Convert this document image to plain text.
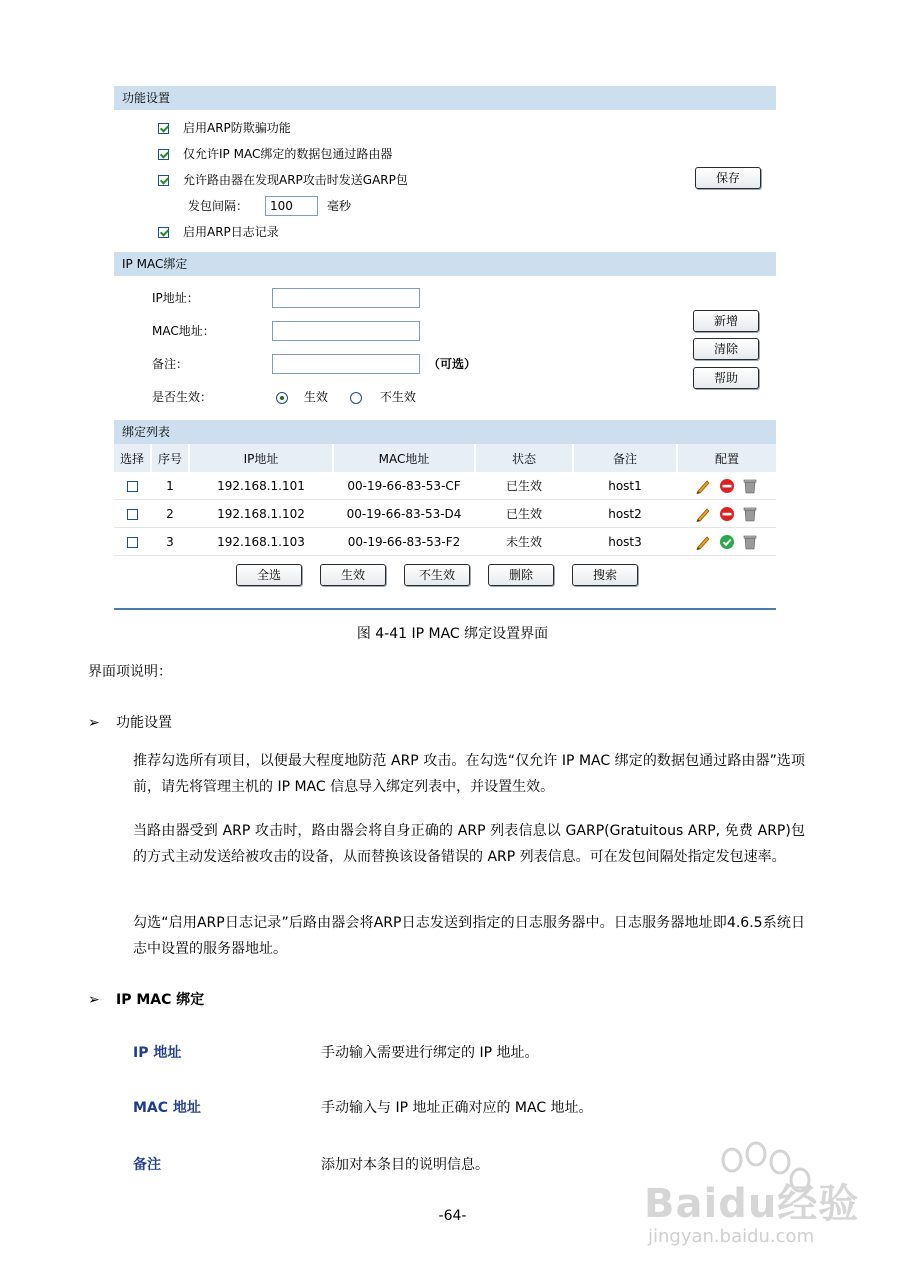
功能设置
启用ARP防欺骗功能
仅允许IP MAC绑定的数据包通过路由器
允许路由器在发现ARP攻击时发送GARP包
发包间隔：	100	毫秒
启用ARP日志记录
保存
IP MAC绑定
IP地址：
MAC地址：
备注：	（可选）
是否生效：	生效	不生效
新增
清除
帮助
绑定列表
选择	序号	IP地址	MAC地址	状态	备注	配置
	1	192.168.1.101	00-19-66-83-53-CF	已生效	host1	
	2	192.168.1.102	00-19-66-83-53-D4	已生效	host2	
	3	192.168.1.103	00-19-66-83-53-F2	未生效	host3	
全选	生效	不生效	删除	搜索
图 4-41 IP MAC 绑定设置界面
界面项说明：
➢ 功能设置
推荐勾选所有项目，以便最大程度地防范 ARP 攻击。在勾选“仅允许 IP MAC 绑定的数据包通过路由器”选项前，请先将管理主机的 IP MAC 信息导入绑定列表中，并设置生效。
当路由器受到 ARP 攻击时，路由器会将自身正确的 ARP 列表信息以 GARP(Gratuitous ARP, 免费 ARP)包的方式主动发送给被攻击的设备，从而替换该设备错误的 ARP 列表信息。可在发包间隔处指定发包速率。
勾选“启用ARP日志记录”后路由器会将ARP日志发送到指定的日志服务器中。日志服务器地址即4.6.5系统日志中设置的服务器地址。
➢ IP MAC 绑定
IP 地址	手动输入需要进行绑定的 IP 地址。
MAC 地址	手动输入与 IP 地址正确对应的 MAC 地址。
备注	添加对本条目的说明信息。
-64-	Baidu经验
jingyan.baidu.com
